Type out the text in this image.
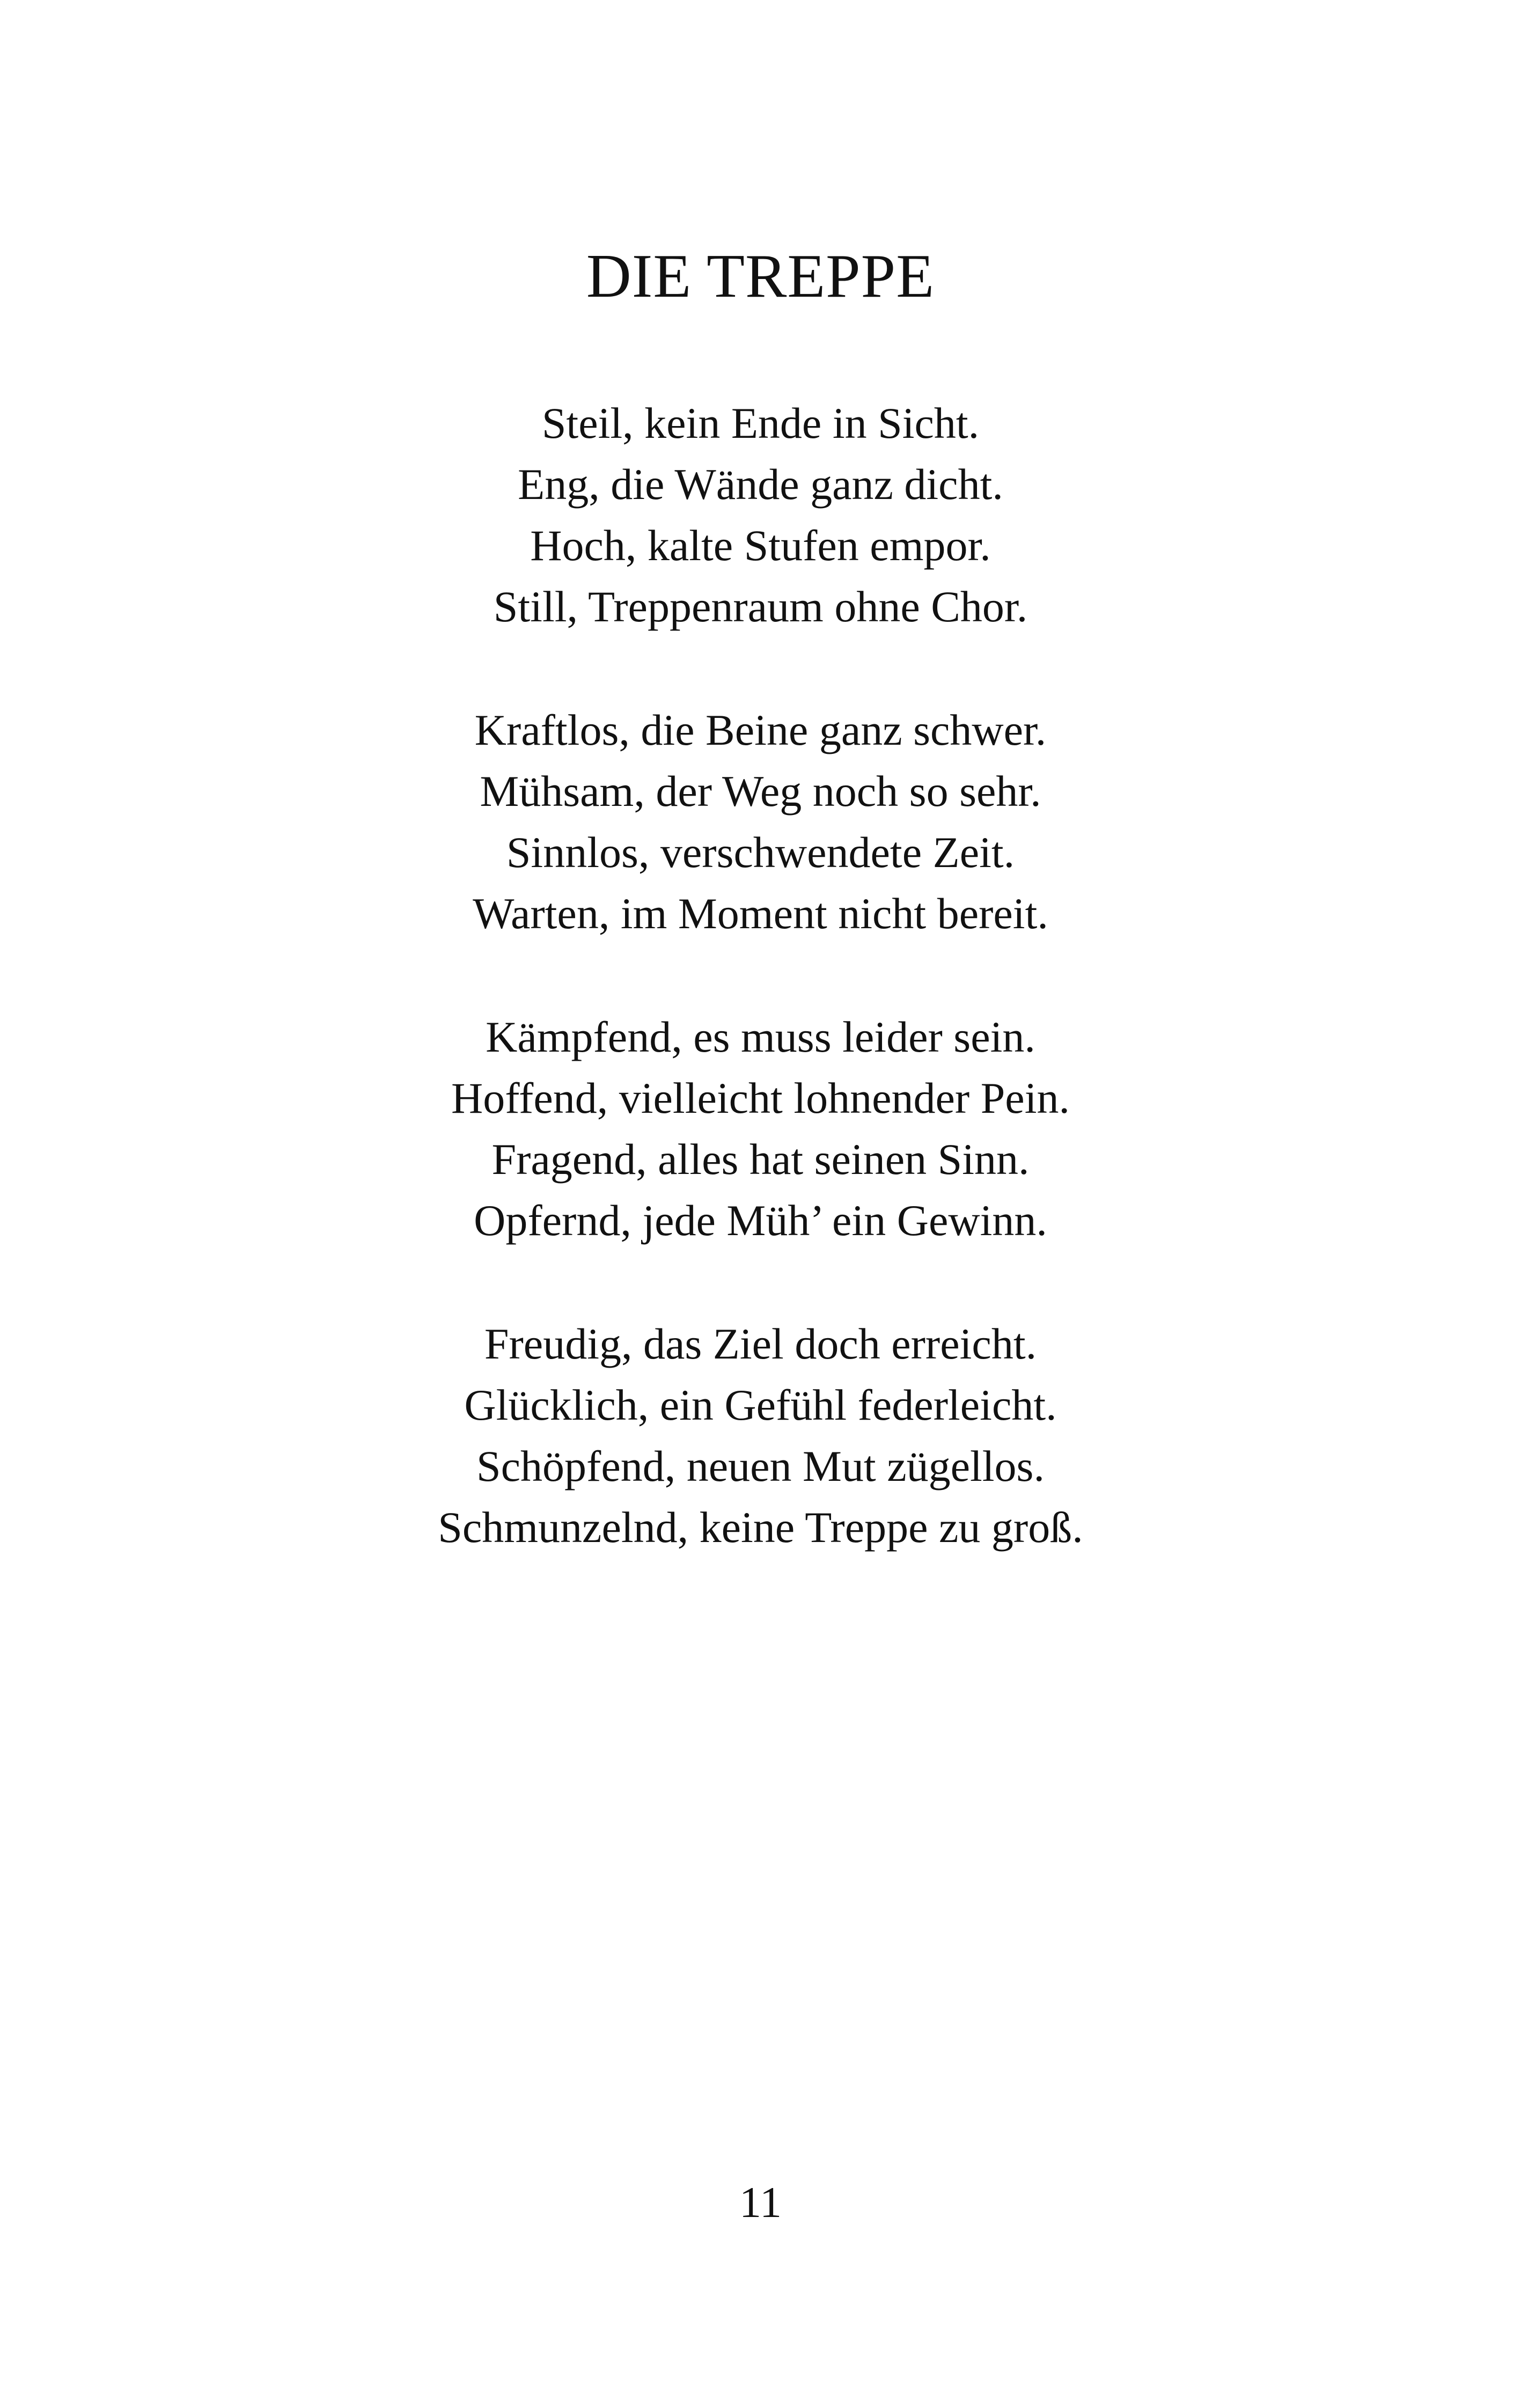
DIE TREPPE
Steil, kein Ende in Sicht.
Eng, die Wände ganz dicht.
Hoch, kalte Stufen empor.
Still, Treppenraum ohne Chor.
Kraftlos, die Beine ganz schwer.
Mühsam, der Weg noch so sehr.
Sinnlos, verschwendete Zeit.
Warten, im Moment nicht bereit.
Kämpfend, es muss leider sein.
Hoffend, vielleicht lohnender Pein.
Fragend, alles hat seinen Sinn.
Opfernd, jede Müh’ ein Gewinn.
Freudig, das Ziel doch erreicht.
Glücklich, ein Gefühl federleicht.
Schöpfend, neuen Mut zügellos.
Schmunzelnd, keine Treppe zu groß.
11
